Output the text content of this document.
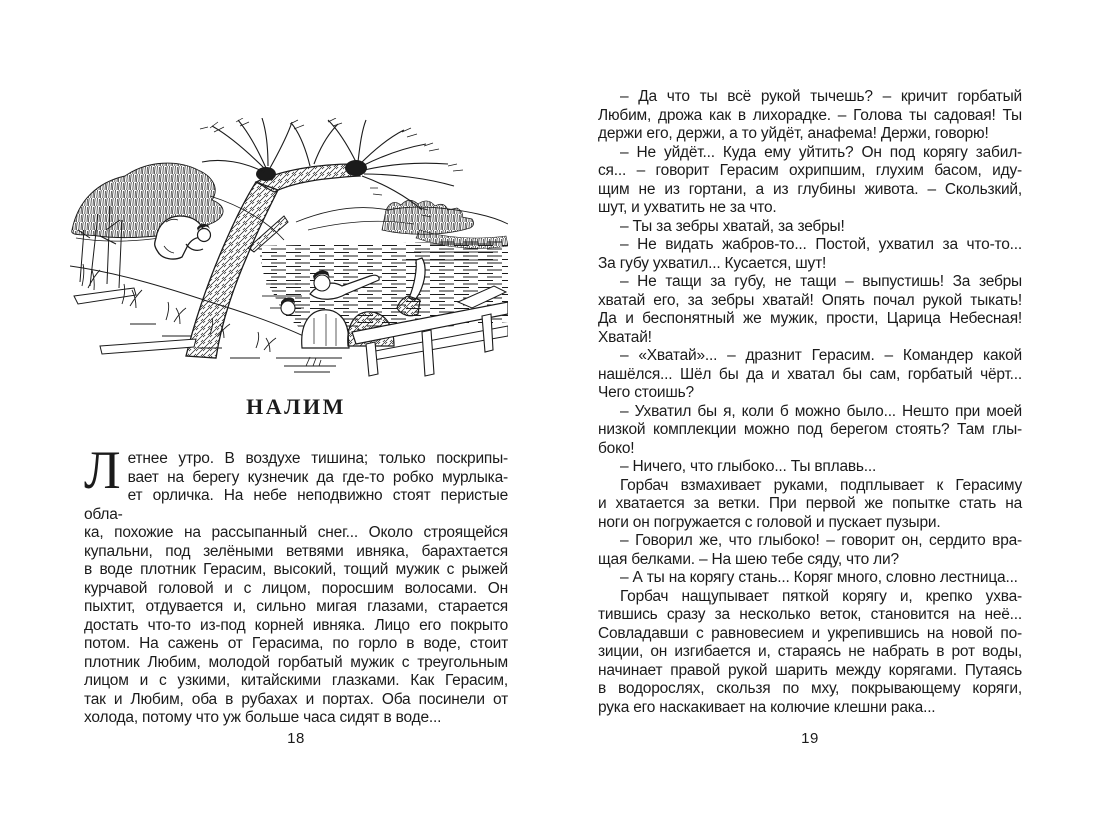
НАЛИМ
Л етнее утро. В воздухе тишина; только поскрипы-
вает на берегу кузнечик да где-то робко мурлыка-
ет орличка. На небе неподвижно стоят перистые обла-
ка, похожие на рассыпанный снег... Около строящейся
купальни, под зелёными ветвями ивняка, барахтается
в воде плотник Герасим, высокий, тощий мужик с рыжей
курчавой головой и с лицом, поросшим волосами. Он
пыхтит, отдувается и, сильно мигая глазами, старается
достать что-то из-под корней ивняка. Лицо его покрыто
потом. На сажень от Герасима, по горло в воде, стоит
плотник Любим, молодой горбатый мужик с треугольным
лицом и с узкими, китайскими глазками. Как Герасим,
так и Любим, оба в рубахах и портах. Оба посинели от
холода, потому что уж больше часа сидят в воде...
18
– Да что ты всё рукой тычешь? – кричит горбатый
Любим, дрожа как в лихорадке. – Голова ты садовая! Ты
держи его, держи, а то уйдёт, анафема! Держи, говорю!
– Не уйдёт... Куда ему уйтить? Он под корягу забил-
ся... – говорит Герасим охрипшим, глухим басом, иду-
щим не из гортани, а из глубины живота. – Скользкий,
шут, и ухватить не за что.
– Ты за зебры хватай, за зебры!
– Не видать жабров-то... Постой, ухватил за что-то...
За губу ухватил... Кусается, шут!
– Не тащи за губу, не тащи – выпустишь! За зебры
хватай его, за зебры хватай! Опять почал рукой тыкать!
Да и беспонятный же мужик, прости, Царица Небесная!
Хватай!
– «Хватай»... – дразнит Герасим. – Командер какой
нашёлся... Шёл бы да и хватал бы сам, горбатый чёрт...
Чего стоишь?
– Ухватил бы я, коли б можно было... Нешто при моей
низкой комплекции можно под берегом стоять? Там глы-
боко!
– Ничего, что глыбоко... Ты вплавь...
Горбач взмахивает руками, подплывает к Герасиму
и хватается за ветки. При первой же попытке стать на
ноги он погружается с головой и пускает пузыри.
– Говорил же, что глыбоко! – говорит он, сердито вра-
щая белками. – На шею тебе сяду, что ли?
– А ты на корягу стань... Коряг много, словно лестница...
Горбач нащупывает пяткой корягу и, крепко ухва-
тившись сразу за несколько веток, становится на неё...
Совладавши с равновесием и укрепившись на новой по-
зиции, он изгибается и, стараясь не набрать в рот воды,
начинает правой рукой шарить между корягами. Путаясь
в водорослях, скользя по мху, покрывающему коряги,
рука его наскакивает на колючие клешни рака...
19
